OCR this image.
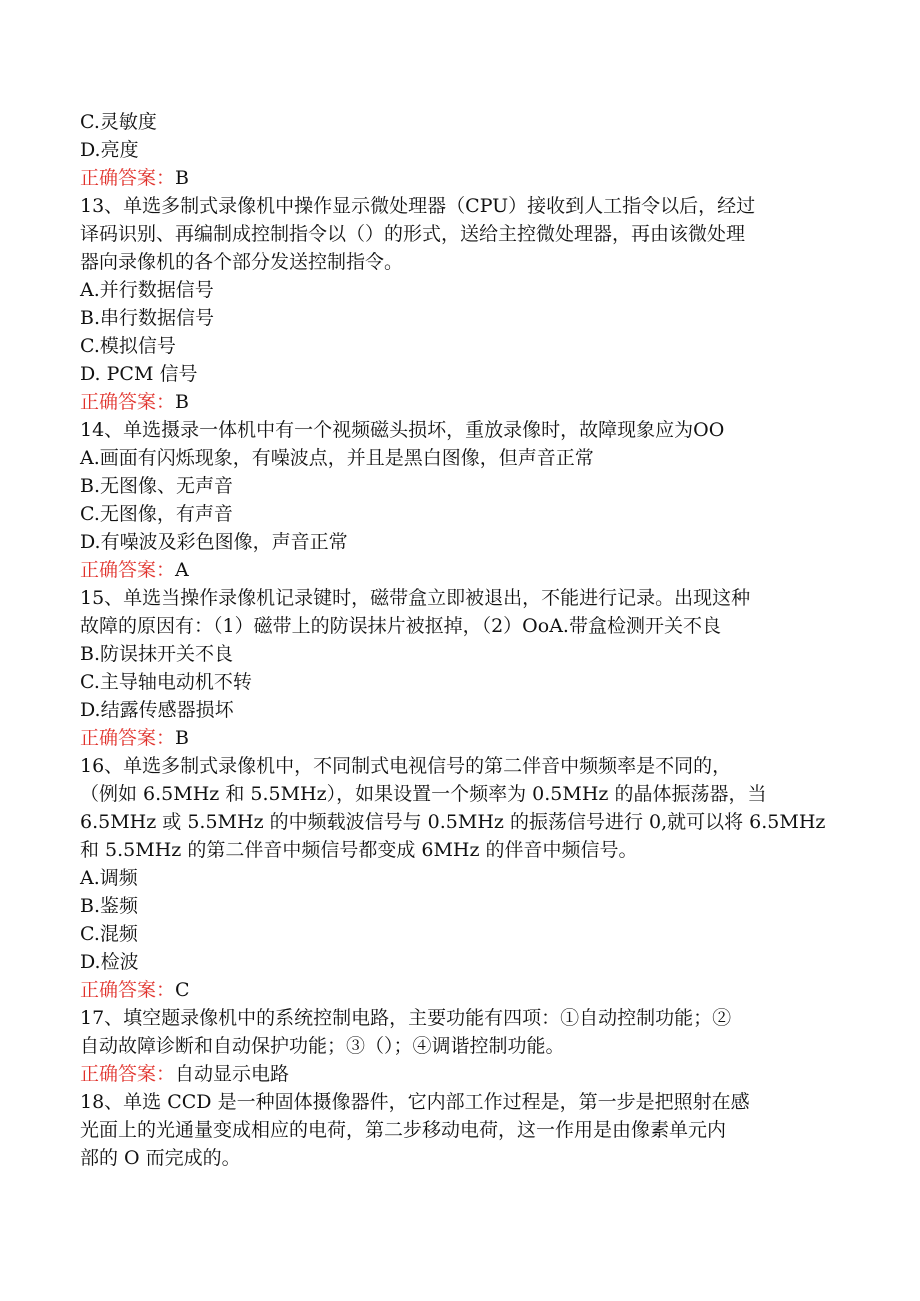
C.灵敏度
D.亮度
正确答案：B
13、单选多制式录像机中操作显示微处理器（CPU）接收到人工指令以后，经过
译码识别、再编制成控制指令以（）的形式，送给主控微处理器，再由该微处理
器向录像机的各个部分发送控制指令。
A.并行数据信号
B.串行数据信号
C.模拟信号
D. PCM 信号
正确答案：B
14、单选摄录一体机中有一个视频磁头损坏，重放录像时，故障现象应为OO
A.画面有闪烁现象，有噪波点，并且是黑白图像，但声音正常
B.无图像、无声音
C.无图像，有声音
D.有噪波及彩色图像，声音正常
正确答案：A
15、单选当操作录像机记录键时，磁带盒立即被退出，不能进行记录。出现这种
故障的原因有：（1）磁带上的防误抹片被抠掉，（2）OoA.带盒检测开关不良
B.防误抹开关不良
C.主导轴电动机不转
D.结露传感器损坏
正确答案：B
16、单选多制式录像机中，不同制式电视信号的第二伴音中频频率是不同的，
（例如 6.5MHz 和 5.5MHz），如果设置一个频率为 0.5MHz 的晶体振荡器，当
6.5MHz 或 5.5MHz 的中频载波信号与 0.5MHz 的振荡信号进行 0,就可以将 6.5MHz
和 5.5MHz 的第二伴音中频信号都变成 6MHz 的伴音中频信号。
A.调频
B.鉴频
C.混频
D.检波
正确答案：C
17、填空题录像机中的系统控制电路，主要功能有四项：①自动控制功能；②
自动故障诊断和自动保护功能；③（）；④调谐控制功能。
正确答案：自动显示电路
18、单选 CCD 是一种固体摄像器件，它内部工作过程是，第一步是把照射在感
光面上的光通量变成相应的电荷，第二步移动电荷，这一作用是由像素单元内
部的 O 而完成的。
